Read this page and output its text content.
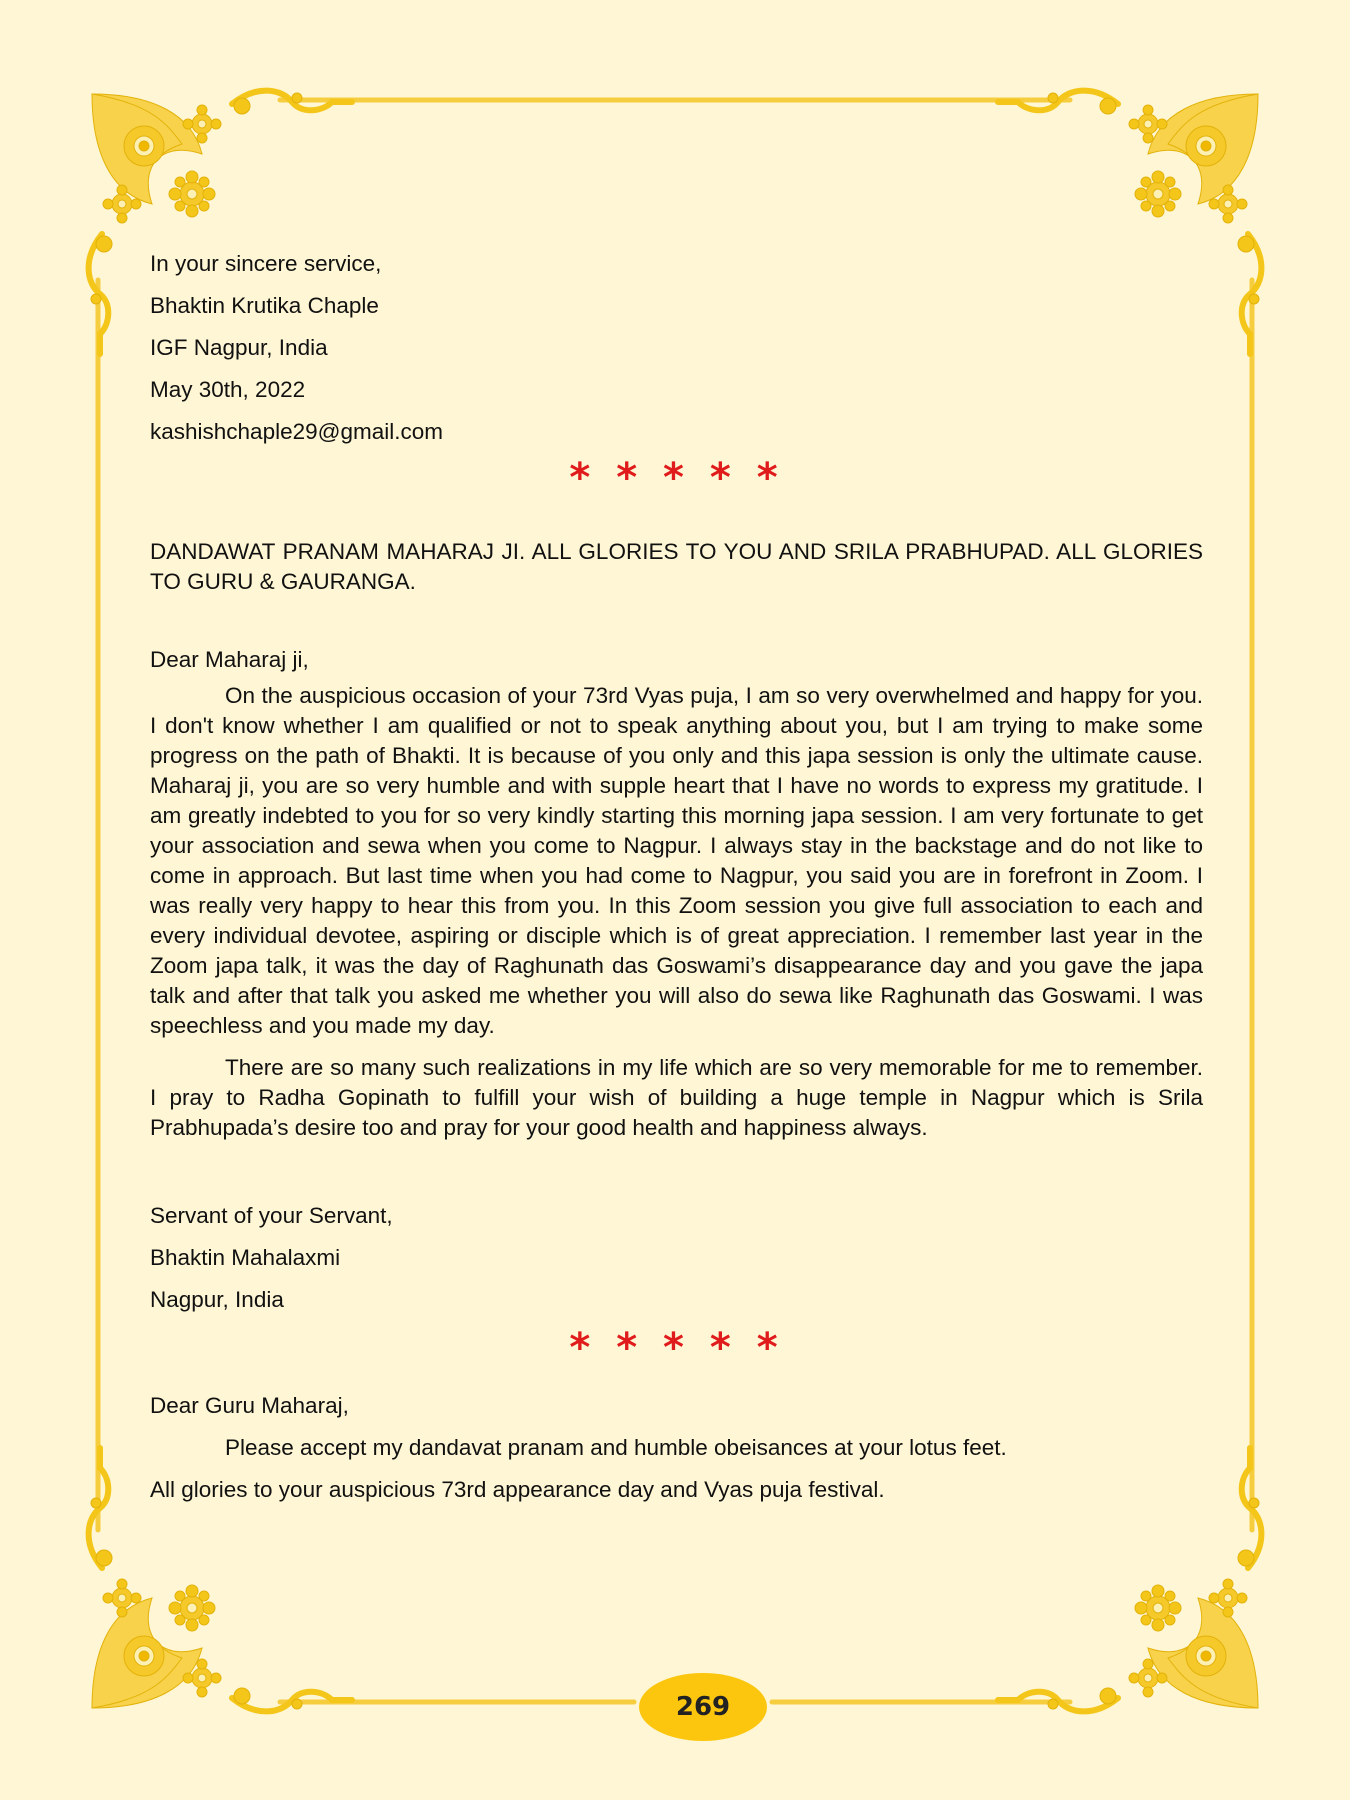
In your sincere service,

Bhaktin Krutika Chaple

IGF Nagpur, India

May 30th, 2022

kashishchaple29@gmail.com

* * * * *

DANDAWAT PRANAM MAHARAJ JI. ALL GLORIES TO YOU AND SRILA PRABHUPAD. ALL GLORIES TO GURU & GAURANGA.

Dear Maharaj ji,

On the auspicious occasion of your 73rd Vyas puja, I am so very overwhelmed and happy for you. I don't know whether I am qualified or not to speak anything about you, but I am trying to make some progress on the path of Bhakti. It is because of you only and this japa session is only the ultimate cause. Maharaj ji, you are so very humble and with supple heart that I have no words to express my gratitude. I am greatly indebted to you for so very kindly starting this morning japa session. I am very fortunate to get your association and sewa when you come to Nagpur. I always stay in the backstage and do not like to come in approach. But last time when you had come to Nagpur, you said you are in forefront in Zoom. I was really very happy to hear this from you. In this Zoom session you give full association to each and every individual devotee, aspiring or disciple which is of great appreciation. I remember last year in the Zoom japa talk, it was the day of Raghunath das Goswami’s disappearance day and you gave the japa talk and after that talk you asked me whether you will also do sewa like Raghunath das Goswami. I was speechless and you made my day.

There are so many such realizations in my life which are so very memorable for me to remember. I pray to Radha Gopinath to fulfill your wish of building a huge temple in Nagpur which is Srila Prabhupada’s desire too and pray for your good health and happiness always.

Servant of your Servant,

Bhaktin Mahalaxmi

Nagpur, India

* * * * *

Dear Guru Maharaj,

Please accept my dandavat pranam and humble obeisances at your lotus feet.

All glories to your auspicious 73rd appearance day and Vyas puja festival.

269
